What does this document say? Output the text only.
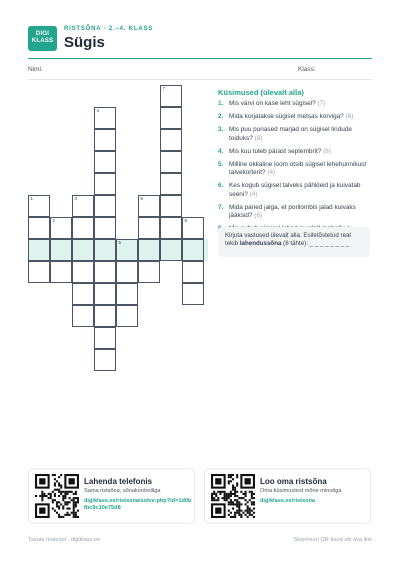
DIGI
KLASS
RISTSÕNA · 2.–4. KLASS
Sügis
Nimi:	Klass:
1
2
3
4
5
6
7
8
Küsimused (ülevalt alla)
1. Mis värvi on kase leht sügisel? (7)
2. Mida korjatakse sügisel metsas korviga? (6)
3. Mis puu punased marjad on sügisel lindude toiduks? (8)
4. Mis kuu tuleb pärast septembrit? (8)
5. Milline okkaline loom otsib sügisel lehehunnikust talvekorterit? (4)
6. Kes kogub sügisel talveks pähkleid ja kuivatab seeni? (4)
7. Mida paned jalga, et porilombis jalad kuivaks jääksid? (6)
Kirjuta vastused ülevalt alla. Esiletõstetud real tekib lahendussõna (8 tähte): _ _ _ _ _ _ _ _
Lahenda telefonis
Sama ristsõna, sõnakontrolliga
digiklass.ee/ristsona/solve.php?id=1d0bfbc9c10e75d8
Loo oma ristsõna
Oma küsimustest mõne minutiga
digiklass.ee/ristsona
Tasuta materjal · digiklass.ee	Skanneeri QR-kood või ava link
